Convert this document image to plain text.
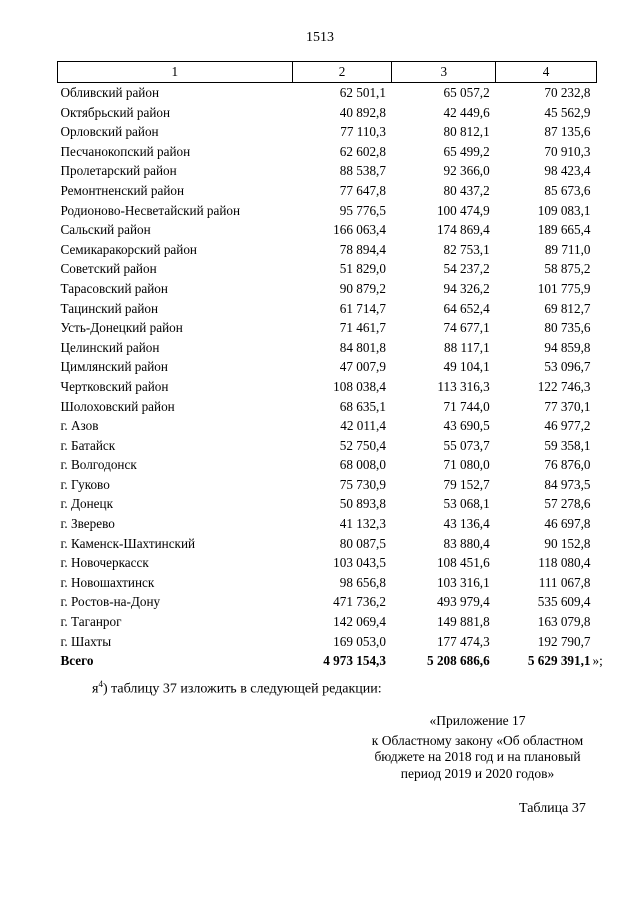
1513
1	2	3	4
Обливский район	62 501,1	65 057,2	70 232,8
Октябрьский район	40 892,8	42 449,6	45 562,9
Орловский район	77 110,3	80 812,1	87 135,6
Песчанокопский район	62 602,8	65 499,2	70 910,3
Пролетарский район	88 538,7	92 366,0	98 423,4
Ремонтненский район	77 647,8	80 437,2	85 673,6
Родионово-Несветайский район	95 776,5	100 474,9	109 083,1
Сальский район	166 063,4	174 869,4	189 665,4
Семикаракорский район	78 894,4	82 753,1	89 711,0
Советский район	51 829,0	54 237,2	58 875,2
Тарасовский район	90 879,2	94 326,2	101 775,9
Тацинский район	61 714,7	64 652,4	69 812,7
Усть-Донецкий район	71 461,7	74 677,1	80 735,6
Целинский район	84 801,8	88 117,1	94 859,8
Цимлянский район	47 007,9	49 104,1	53 096,7
Чертковский район	108 038,4	113 316,3	122 746,3
Шолоховский район	68 635,1	71 744,0	77 370,1
г. Азов	42 011,4	43 690,5	46 977,2
г. Батайск	52 750,4	55 073,7	59 358,1
г. Волгодонск	68 008,0	71 080,0	76 876,0
г. Гуково	75 730,9	79 152,7	84 973,5
г. Донецк	50 893,8	53 068,1	57 278,6
г. Зверево	41 132,3	43 136,4	46 697,8
г. Каменск-Шахтинский	80 087,5	83 880,4	90 152,8
г. Новочеркасск	103 043,5	108 451,6	118 080,4
г. Новошахтинск	98 656,8	103 316,1	111 067,8
г. Ростов-на-Дону	471 736,2	493 979,4	535 609,4
г. Таганрог	142 069,4	149 881,8	163 079,8
г. Шахты	169 053,0	177 474,3	192 790,7
Всего	4 973 154,3	5 208 686,6	5 629 391,1 »;
$я^4$) таблицу 37 изложить в следующей редакции:
«Приложение 17
к Областному закону «Об областном
бюджете на 2018 год и на плановый
период 2019 и 2020 годов»
Таблица 37
